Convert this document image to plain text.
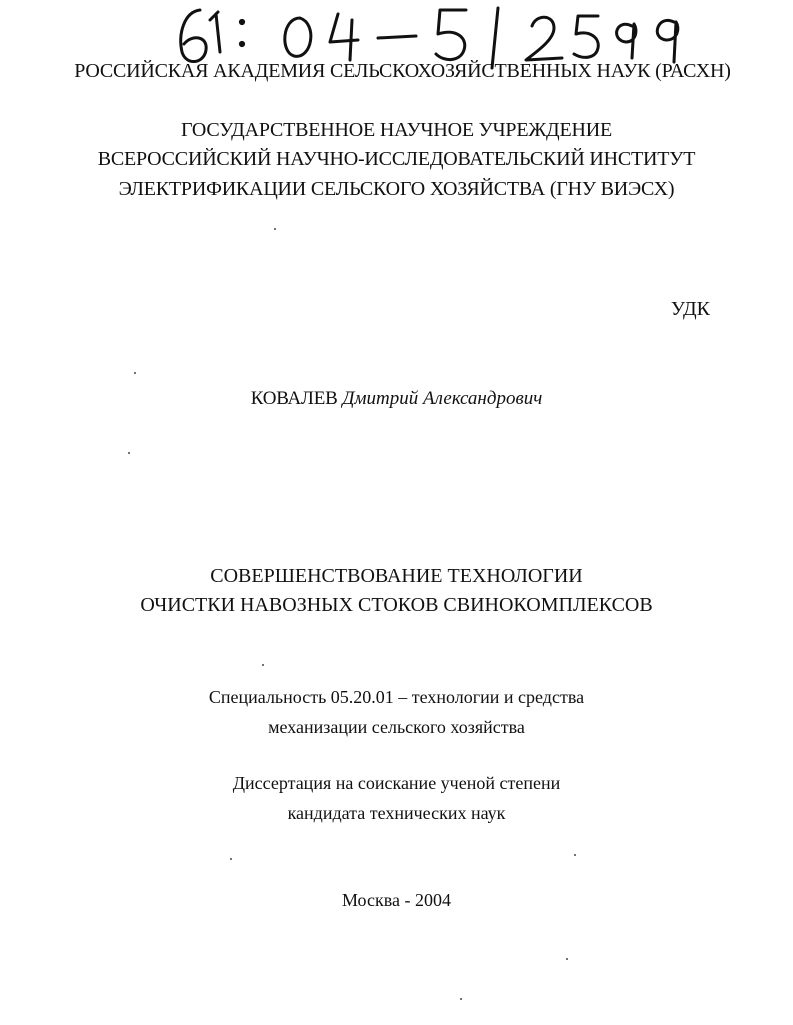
РОССИЙСКАЯ АКАДЕМИЯ СЕЛЬСКОХОЗЯЙСТВЕННЫХ НАУК (РАСХН)
ГОСУДАРСТВЕННОЕ НАУЧНОЕ УЧРЕЖДЕНИЕ
ВСЕРОССИЙСКИЙ НАУЧНО-ИССЛЕДОВАТЕЛЬСКИЙ ИНСТИТУТ
ЭЛЕКТРИФИКАЦИИ СЕЛЬСКОГО ХОЗЯЙСТВА (ГНУ ВИЭСХ)
УДК
КОВАЛЕВ Дмитрий Александрович
СОВЕРШЕНСТВОВАНИЕ ТЕХНОЛОГИИ
ОЧИСТКИ НАВОЗНЫХ СТОКОВ СВИНОКОМПЛЕКСОВ
Специальность 05.20.01 – технологии и средства
механизации сельского хозяйства
Диссертация на соискание ученой степени
кандидата технических наук
Москва - 2004
